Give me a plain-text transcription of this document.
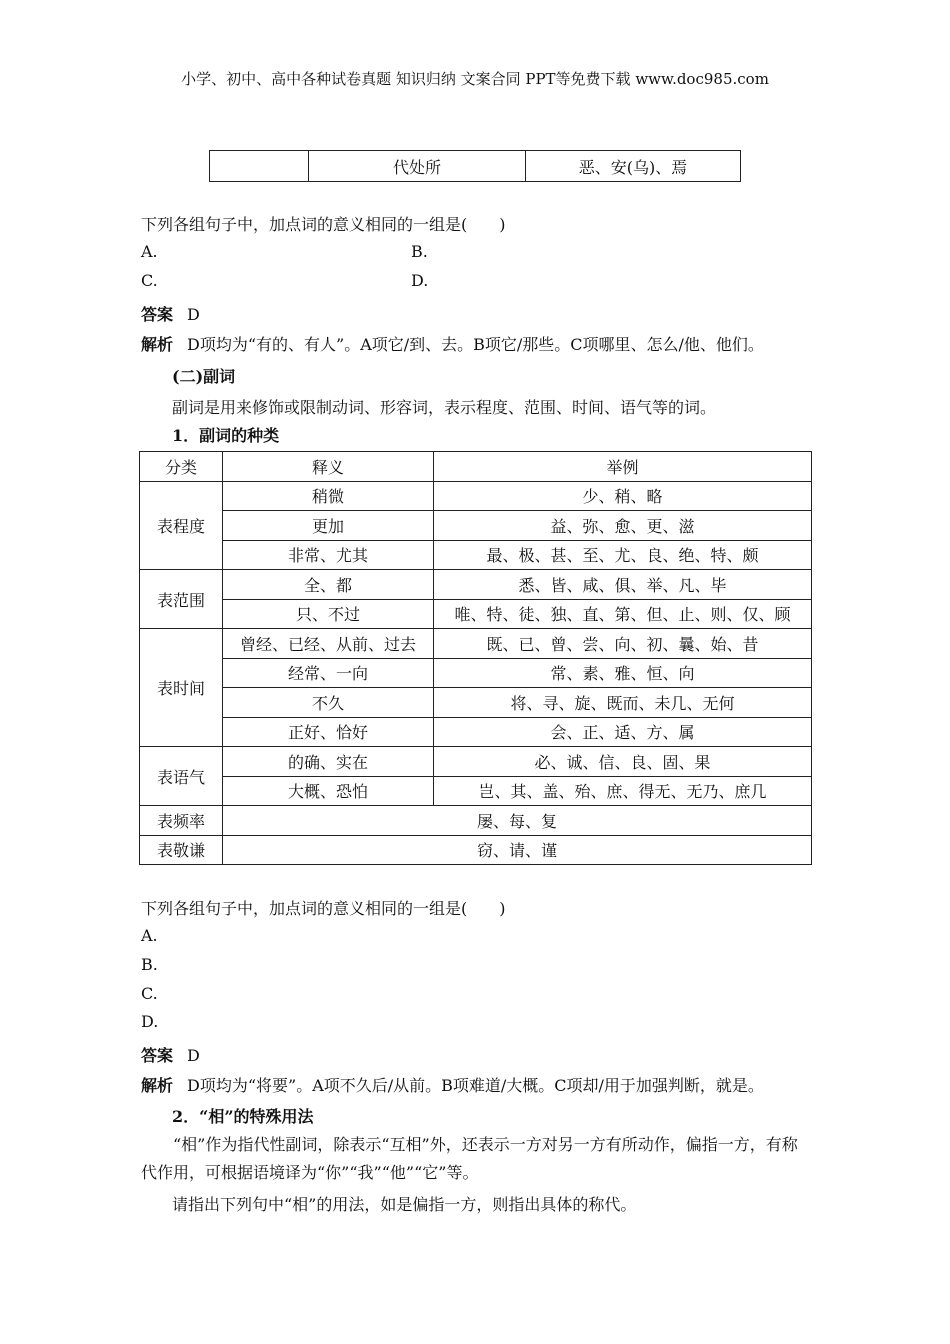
小学、初中、高中各种试卷真题 知识归纳 文案合同 PPT等免费下载 www.doc985.com
	代处所	恶、安(乌)、焉
下列各组句子中，加点词的意义相同的一组是(　　)
A.	B.
C.	D.
答案 D
解析 D项均为“有的、有人”。A项它/到、去。B项它/那些。C项哪里、怎么/他、他们。
(二)副词
副词是用来修饰或限制动词、形容词，表示程度、范围、时间、语气等的词。
1．副词的种类
分类	释义	举例
表程度	稍微	少、稍、略
	更加	益、弥、愈、更、滋
	非常、尤其	最、极、甚、至、尤、良、绝、特、颇
表范围	全、都	悉、皆、咸、俱、举、凡、毕
	只、不过	唯、特、徒、独、直、第、但、止、则、仅、顾
表时间	曾经、已经、从前、过去	既、已、曾、尝、向、初、曩、始、昔
	经常、一向	常、素、雅、恒、向
	不久	将、寻、旋、既而、未几、无何
	正好、恰好	会、正、适、方、属
表语气	的确、实在	必、诚、信、良、固、果
	大概、恐怕	岂、其、盖、殆、庶、得无、无乃、庶几
表频率	屡、每、复	
表敬谦	窃、请、谨	
下列各组句子中，加点词的意义相同的一组是(　　)
A.
B.
C.
D.
答案 D
解析 D项均为“将要”。A项不久后/从前。B项难道/大概。C项却/用于加强判断，就是。
2．“相”的特殊用法
“相”作为指代性副词，除表示“互相”外，还表示一方对另一方有所动作，偏指一方，有称代作用，可根据语境译为“你”“我”“他”“它”等。
请指出下列句中“相”的用法，如是偏指一方，则指出具体的称代。
